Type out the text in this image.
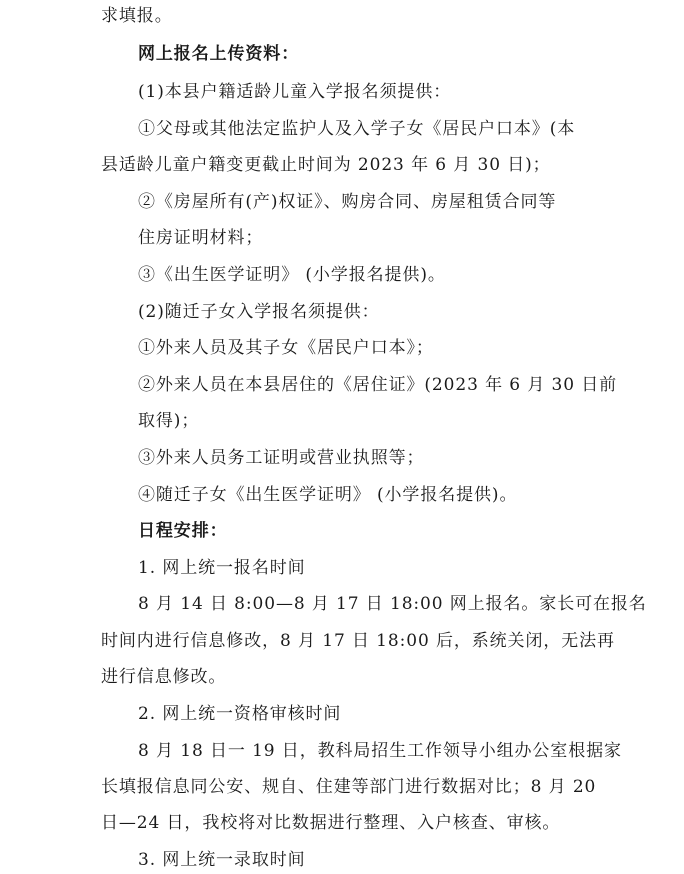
求填报。
网上报名上传资料：
(1)本县户籍适龄儿童入学报名须提供：
①父母或其他法定监护人及入学子女《居民户口本》(本
县适龄儿童户籍变更截止时间为 2023 年 6 月 30 日)；
②《房屋所有(产)权证》、购房合同、房屋租赁合同等
住房证明材料；
③《出生医学证明》 (小学报名提供)。
(2)随迁子女入学报名须提供：
①外来人员及其子女《居民户口本》；
②外来人员在本县居住的《居住证》(2023 年 6 月 30 日前
取得)；
③外来人员务工证明或营业执照等；
④随迁子女《出生医学证明》 (小学报名提供)。
日程安排：
1. 网上统一报名时间
8 月 14 日 8:00—8 月 17 日 18:00 网上报名。家长可在报名
时间内进行信息修改，8 月 17 日 18:00 后，系统关闭，无法再
进行信息修改。
2. 网上统一资格审核时间
8 月 18 日一 19 日，教科局招生工作领导小组办公室根据家
长填报信息同公安、规自、住建等部门进行数据对比；8 月 20
日—24 日，我校将对比数据进行整理、入户核查、审核。
3. 网上统一录取时间
